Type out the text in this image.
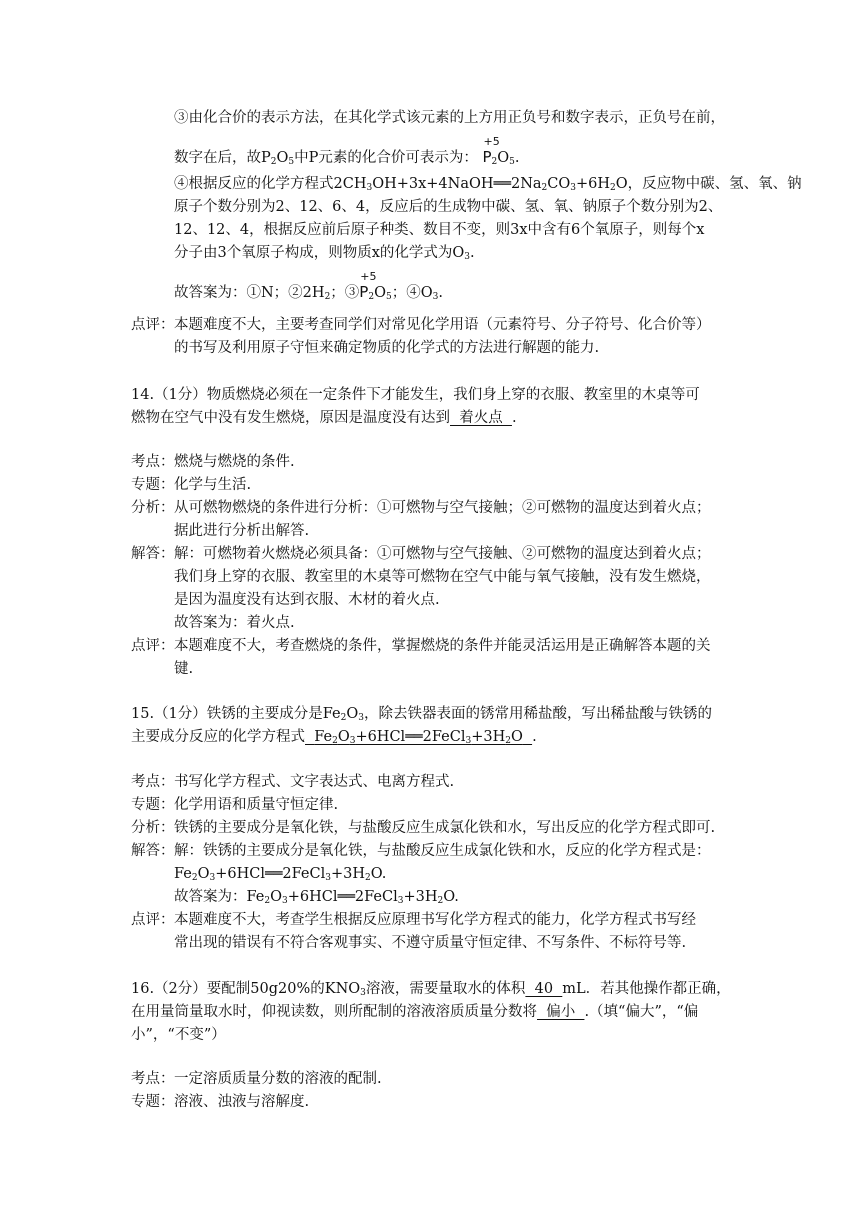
③由化合价的表示方法，在其化学式该元素的上方用正负号和数字表示，正负号在前，
数字在后，故$P_2O_5$中P元素的化合价可表示为：
+5
$P_2O_5$.
④根据反应的化学方程式$2CH_3OH+3x+4NaOH══2Na_2CO_3+6H_2O$，反应物中碳、氢、氧、钠
原子个数分别为2、12、6、4，反应后的生成物中碳、氢、氧、钠原子个数分别为2、
12、12、4，根据反应前后原子种类、数目不变，则3x中含有6个氧原子，则每个x
分子由3个氧原子构成，则物质x的化学式为$O_3$.
故答案为：①N；$②2H_2$；③
+5
$P_2O_5$；$④O_3$.
点评：本题难度不大，主要考查同学们对常见化学用语（元素符号、分子符号、化合价等）
的书写及利用原子守恒来确定物质的化学式的方法进行解题的能力.
14.（1分）物质燃烧必须在一定条件下才能发生，我们身上穿的衣服、教室里的木桌等可
燃物在空气中没有发生燃烧，原因是温度没有达到  着火点  .
考点：燃烧与燃烧的条件.
专题：化学与生活.
分析：从可燃物燃烧的条件进行分析：①可燃物与空气接触；②可燃物的温度达到着火点；
据此进行分析出解答.
解答：解：可燃物着火燃烧必须具备：①可燃物与空气接触、②可燃物的温度达到着火点；
我们身上穿的衣服、教室里的木桌等可燃物在空气中能与氧气接触，没有发生燃烧，
是因为温度没有达到衣服、木材的着火点.
故答案为：着火点.
点评：本题难度不大，考查燃烧的条件，掌握燃烧的条件并能灵活运用是正确解答本题的关
键.
15.（1分）铁锈的主要成分是$Fe_2O_3$，除去铁器表面的锈常用稀盐酸，写出稀盐酸与铁锈的
主要成分反应的化学方程式 $Fe_2O_3+6HCl══2FeCl_3+3H_2O$ .
考点：书写化学方程式、文字表达式、电离方程式.
专题：化学用语和质量守恒定律.
分析：铁锈的主要成分是氧化铁，与盐酸反应生成氯化铁和水，写出反应的化学方程式即可.
解答：解：铁锈的主要成分是氧化铁，与盐酸反应生成氯化铁和水，反应的化学方程式是：
$Fe_2O_3+6HCl══2FeCl_3+3H_2O$.
故答案为：$Fe_2O_3+6HCl══2FeCl_3+3H_2O$.
点评：本题难度不大，考查学生根据反应原理书写化学方程式的能力，化学方程式书写经
常出现的错误有不符合客观事实、不遵守质量守恒定律、不写条件、不标符号等.
16.（2分）要配制50g20%的$KNO_3$溶液，需要量取水的体积  40  mL．若其他操作都正确，
在用量筒量取水时，仰视读数，则所配制的溶液溶质质量分数将  偏小  .（填“偏大”，“偏
小”，“不变”）
考点：一定溶质质量分数的溶液的配制.
专题：溶液、浊液与溶解度.
